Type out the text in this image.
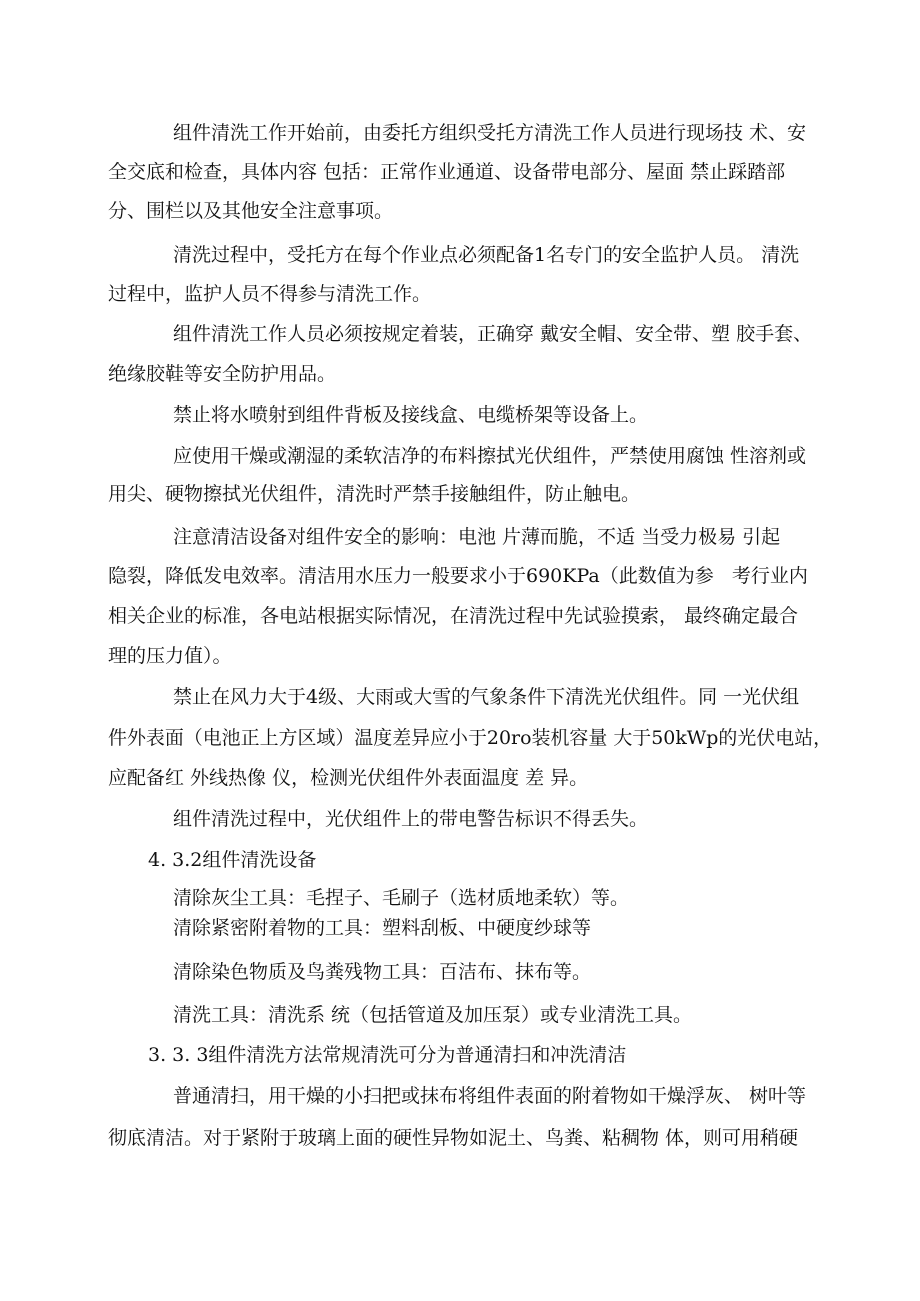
组件清洗工作开始前，由委托方组织受托方清洗工作人员进行现场技 术、安
全交底和检查，具体内容 包括：正常作业通道、设备带电部分、屋面 禁止踩踏部
分、围栏以及其他安全注意事项。
清洗过程中，受托方在每个作业点必须配备1名专门的安全监护人员。 清洗
过程中，监护人员不得参与清洗工作。
组件清洗工作人员必须按规定着装，正确穿 戴安全帽、安全带、塑 胶手套、
绝缘胶鞋等安全防护用品。
禁止将水喷射到组件背板及接线盒、电缆桥架等设备上。
应使用干燥或潮湿的柔软洁净的布料擦拭光伏组件，严禁使用腐蚀 性溶剂或
用尖、硬物擦拭光伏组件，清洗时严禁手接触组件，防止触电。
注意清洁设备对组件安全的影响：电池 片薄而脆，不适 当受力极易 引起
隐裂，降低发电效率。清洁用水压力一般要求小于690KPa（此数值为参   考行业内
相关企业的标准，各电站根据实际情况，在清洗过程中先试验摸索， 最终确定最合
理的压力值）。
禁止在风力大于4级、大雨或大雪的气象条件下清洗光伏组件。同 一光伏组
件外表面（电池正上方区域）温度差异应小于20ro装机容量 大于50kWp的光伏电站，
应配备红 外线热像 仪，检测光伏组件外表面温度 差 异。
组件清洗过程中，光伏组件上的带电警告标识不得丢失。
4. 3.2组件清洗设备
清除灰尘工具：毛捏子、毛刷子（选材质地柔软）等。
清除紧密附着物的工具：塑料刮板、中硬度纱球等
清除染色物质及鸟粪残物工具：百洁布、抹布等。
清洗工具：清洗系 统（包括管道及加压泵）或专业清洗工具。
3. 3. 3组件清洗方法常规清洗可分为普通清扫和冲洗清洁
普通清扫，用干燥的小扫把或抹布将组件表面的附着物如干燥浮灰、 树叶等
彻底清洁。对于紧附于玻璃上面的硬性异物如泥土、鸟粪、粘稠物 体，则可用稍硬
